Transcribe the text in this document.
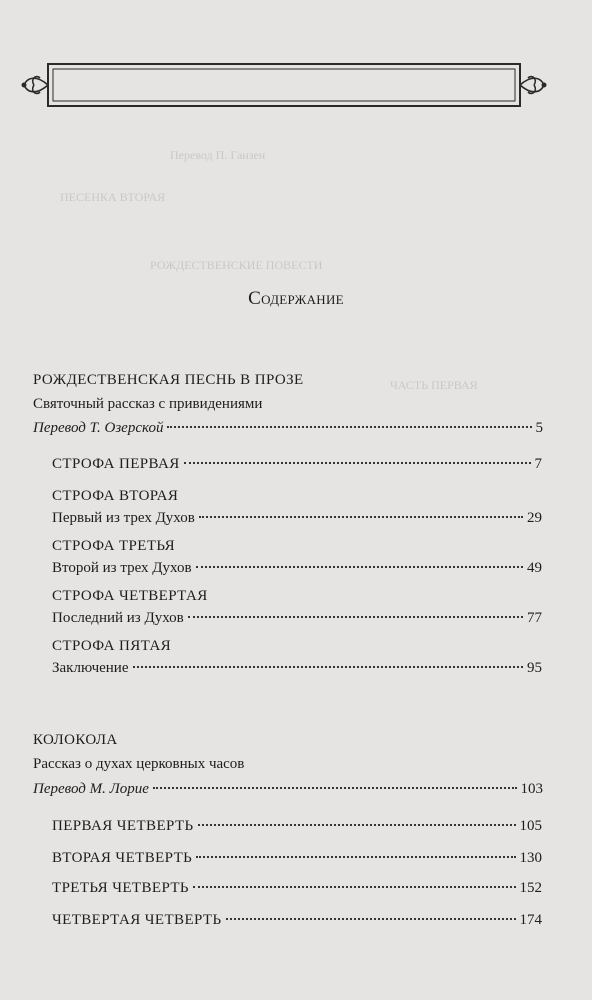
Перевод П. Ганзен
ПЕСЕНКА ВТОРАЯ
РОЖДЕСТВЕНСКИЕ ПОВЕСТИ
ЧАСТЬ ПЕРВАЯ
Содержание
РОЖДЕСТВЕНСКАЯ ПЕСНЬ В ПРОЗЕ
Святочный рассказ с привидениями
Перевод Т. Озерской	5
СТРОФА ПЕРВАЯ	7
СТРОФА ВТОРАЯ
Первый из трех Духов	29
СТРОФА ТРЕТЬЯ
Второй из трех Духов	49
СТРОФА ЧЕТВЕРТАЯ
Последний из Духов	77
СТРОФА ПЯТАЯ
Заключение	95
КОЛОКОЛА
Рассказ о духах церковных часов
Перевод М. Лорие	103
ПЕРВАЯ ЧЕТВЕРТЬ	105
ВТОРАЯ ЧЕТВЕРТЬ	130
ТРЕТЬЯ ЧЕТВЕРТЬ	152
ЧЕТВЕРТАЯ ЧЕТВЕРТЬ	174
